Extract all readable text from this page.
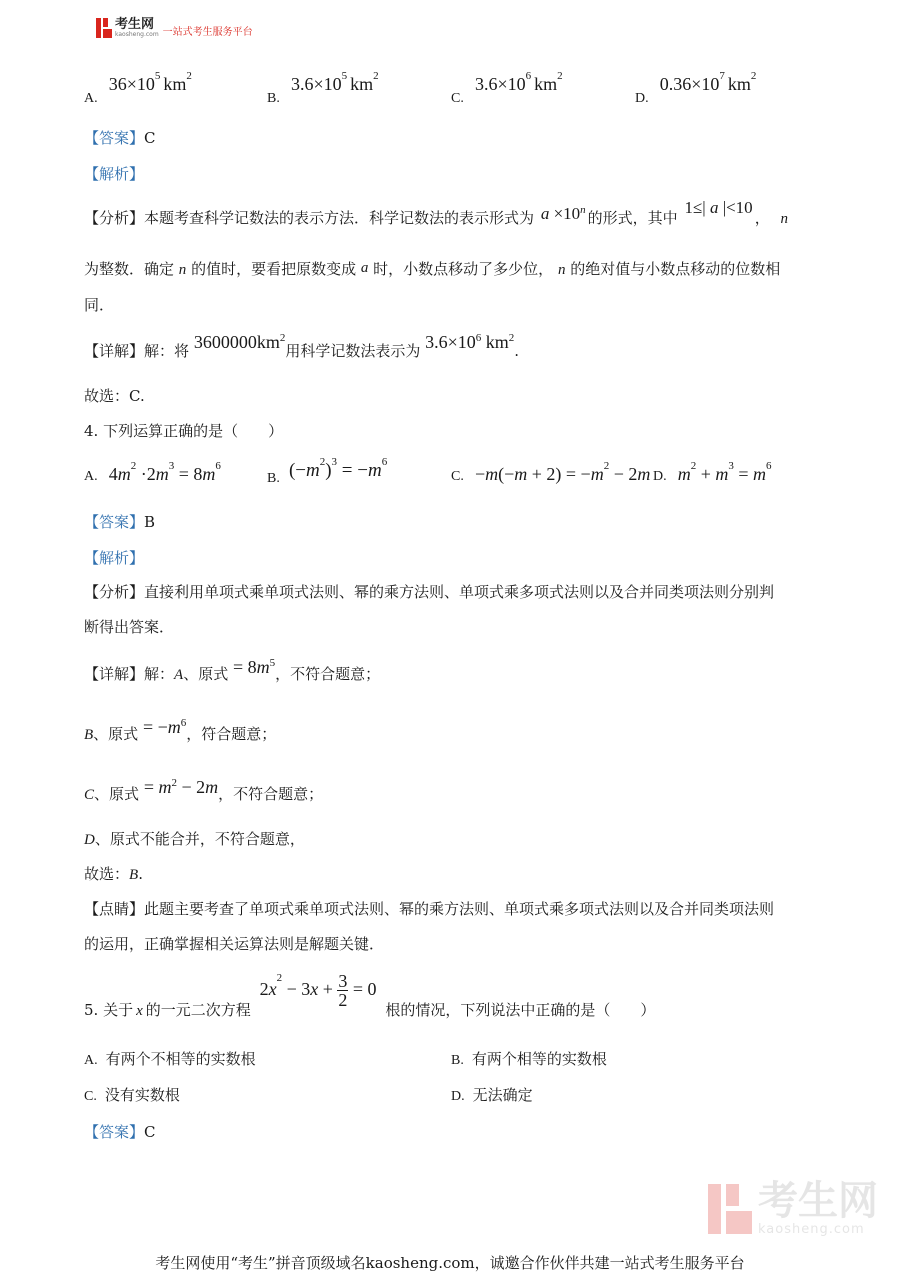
考生网
kaosheng.com 一站式考生服务平台
A. $36\times 10^5$ $km^2$
B. $3.6\times 10^5$ $km^2$
C. $3.6\times 10^6$ $km^2$
D. $0.36\times 10^7$ $km^2$
【答案】C
【解析】
【分析】本题考查科学记数法的表示方法．科学记数法的表示形式为 $a \times 10^n$ 的形式，其中 1≤| a |<10， n
为整数．确定 n 的值时，要看把原数变成 a 时，小数点移动了多少位， n 的绝对值与小数点移动的位数相
同．
【详解】解：将 $3600000km^2$用科学记数法表示为 $3.6\times 10^6$ $km^2$.
故选：C.
4. 下列运算正确的是（　　）
A. $4m^2 \cdot 2m^3 = 8m^6$
B. $(-m^2)^3 = -m^6$
C. $-m(-m + 2) = -m^2 - 2m$ D. $m^2 + m^3 = m^6$
【答案】B
【解析】
【分析】直接利用单项式乘单项式法则、幂的乘方法则、单项式乘多项式法则以及合并同类项法则分别判
断得出答案．
【详解】解：A、原式 = $8m^5$，不符合题意；
B、原式 = $-m^6$，符合题意；
C、原式 = $m^2 - 2m$，不符合题意；
D、原式不能合并，不符合题意，
故选：B.
【点睛】此题主要考查了单项式乘单项式法则、幂的乘方法则、单项式乘多项式法则以及合并同类项法则
的运用，正确掌握相关运算法则是解题关键．
5. 关于 x 的一元二次方程 $2x^2 - 3x + \frac{3}{2} = 0$ 根的情况，下列说法中正确的是（　　）
A. 有两个不相等的实数根	B. 有两个相等的实数根
C. 没有实数根	D. 无法确定
【答案】C
考生网
kaosheng.com
考生网使用“考生”拼音顶级域名kaosheng.com，诚邀合作伙伴共建一站式考生服务平台
